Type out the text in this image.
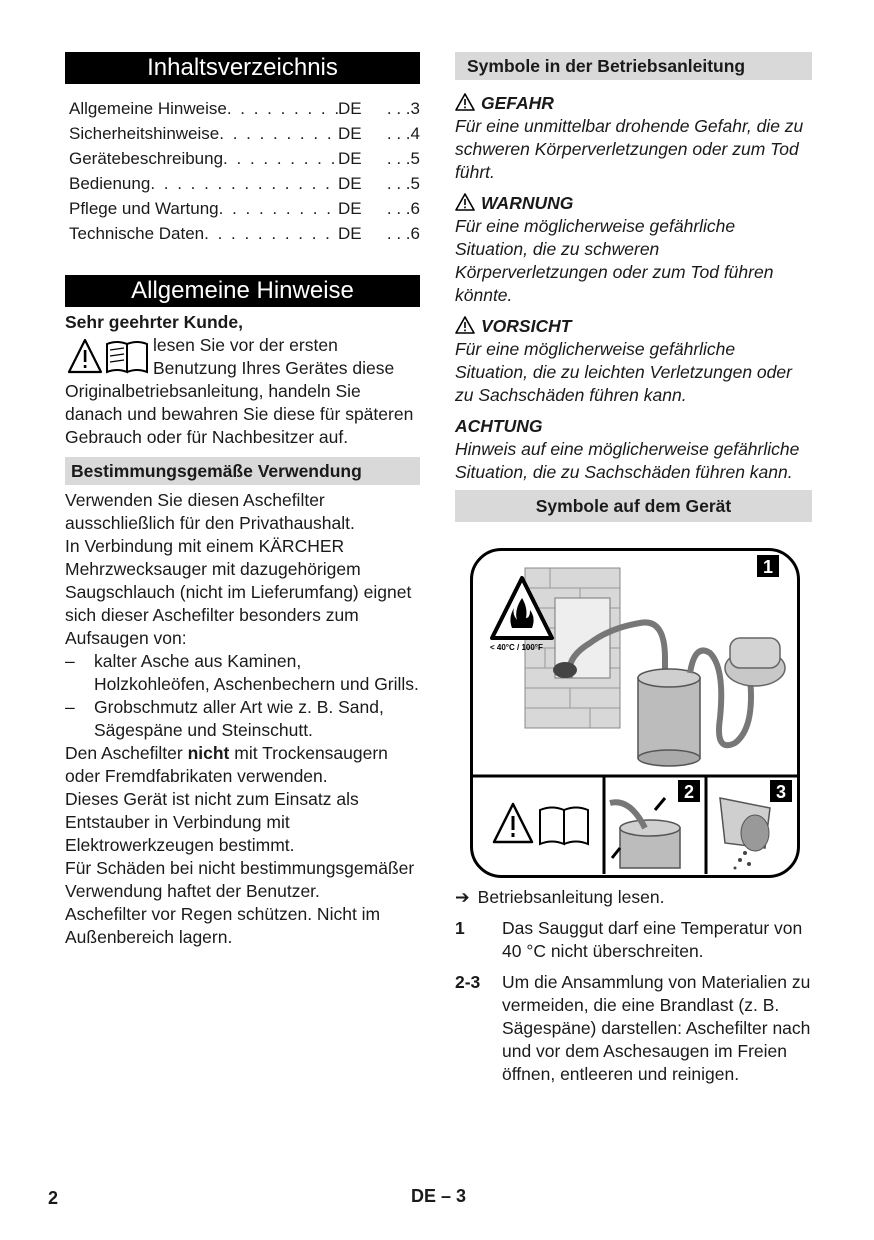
Inhaltsverzeichnis
Allgemeine Hinweise . . .	DE	. . .3
Sicherheitshinweise . . .	DE	. . .4
Gerätebeschreibung . . .	DE	. . .5
Bedienung . . .	DE	. . .5
Pflege und Wartung . . .	DE	. . .6
Technische Daten . . .	DE	. . .6
Allgemeine Hinweise

Sehr geehrter Kunde,

lesen Sie vor der ersten Benutzung Ihres Gerätes diese Originalbetriebsanleitung, handeln Sie danach und bewahren Sie diese für späteren Gebrauch oder für Nachbesitzer auf.

Bestimmungsgemäße Verwendung

Verwenden Sie diesen Aschefilter ausschließlich für den Privathaushalt.

In Verbindung mit einem KÄRCHER Mehrzwecksauger mit dazugehörigem Saugschlauch (nicht im Lieferumfang) eignet sich dieser Aschefilter besonders zum Aufsaugen von:

– kalter Asche aus Kaminen, Holzkohleöfen, Aschenbechern und Grills.
– Grobschmutz aller Art wie z. B. Sand, Sägespäne und Steinschutt.

Den Aschefilter nicht mit Trockensaugern oder Fremdfabrikaten verwenden.

Dieses Gerät ist nicht zum Einsatz als Entstauber in Verbindung mit Elektrowerkzeugen bestimmt.

Für Schäden bei nicht bestimmungsgemäßer Verwendung haftet der Benutzer.

Aschefilter vor Regen schützen. Nicht im Außenbereich lagern.

Symbole in der Betriebsanleitung

GEFAHR

Für eine unmittelbar drohende Gefahr, die zu schweren Körperverletzungen oder zum Tod führt.

WARNUNG

Für eine möglicherweise gefährliche Situation, die zu schweren Körperverletzungen oder zum Tod führen könnte.

VORSICHT

Für eine möglicherweise gefährliche Situation, die zu leichten Verletzungen oder zu Sachschäden führen kann.

ACHTUNG

Hinweis auf eine möglicherweise gefährliche Situation, die zu Sachschäden führen kann.

Symbole auf dem Gerät
< 40°C / 100°F
1
2	3
➔ Betriebsanleitung lesen.
1 Das Sauggut darf eine Temperatur von 40 °C nicht überschreiten.
2-3 Um die Ansammlung von Materialien zu vermeiden, die eine Brandlast (z. B. Sägespäne) darstellen: Aschefilter nach und vor dem Aschesaugen im Freien öffnen, entleeren und reinigen.
2	DE – 3
